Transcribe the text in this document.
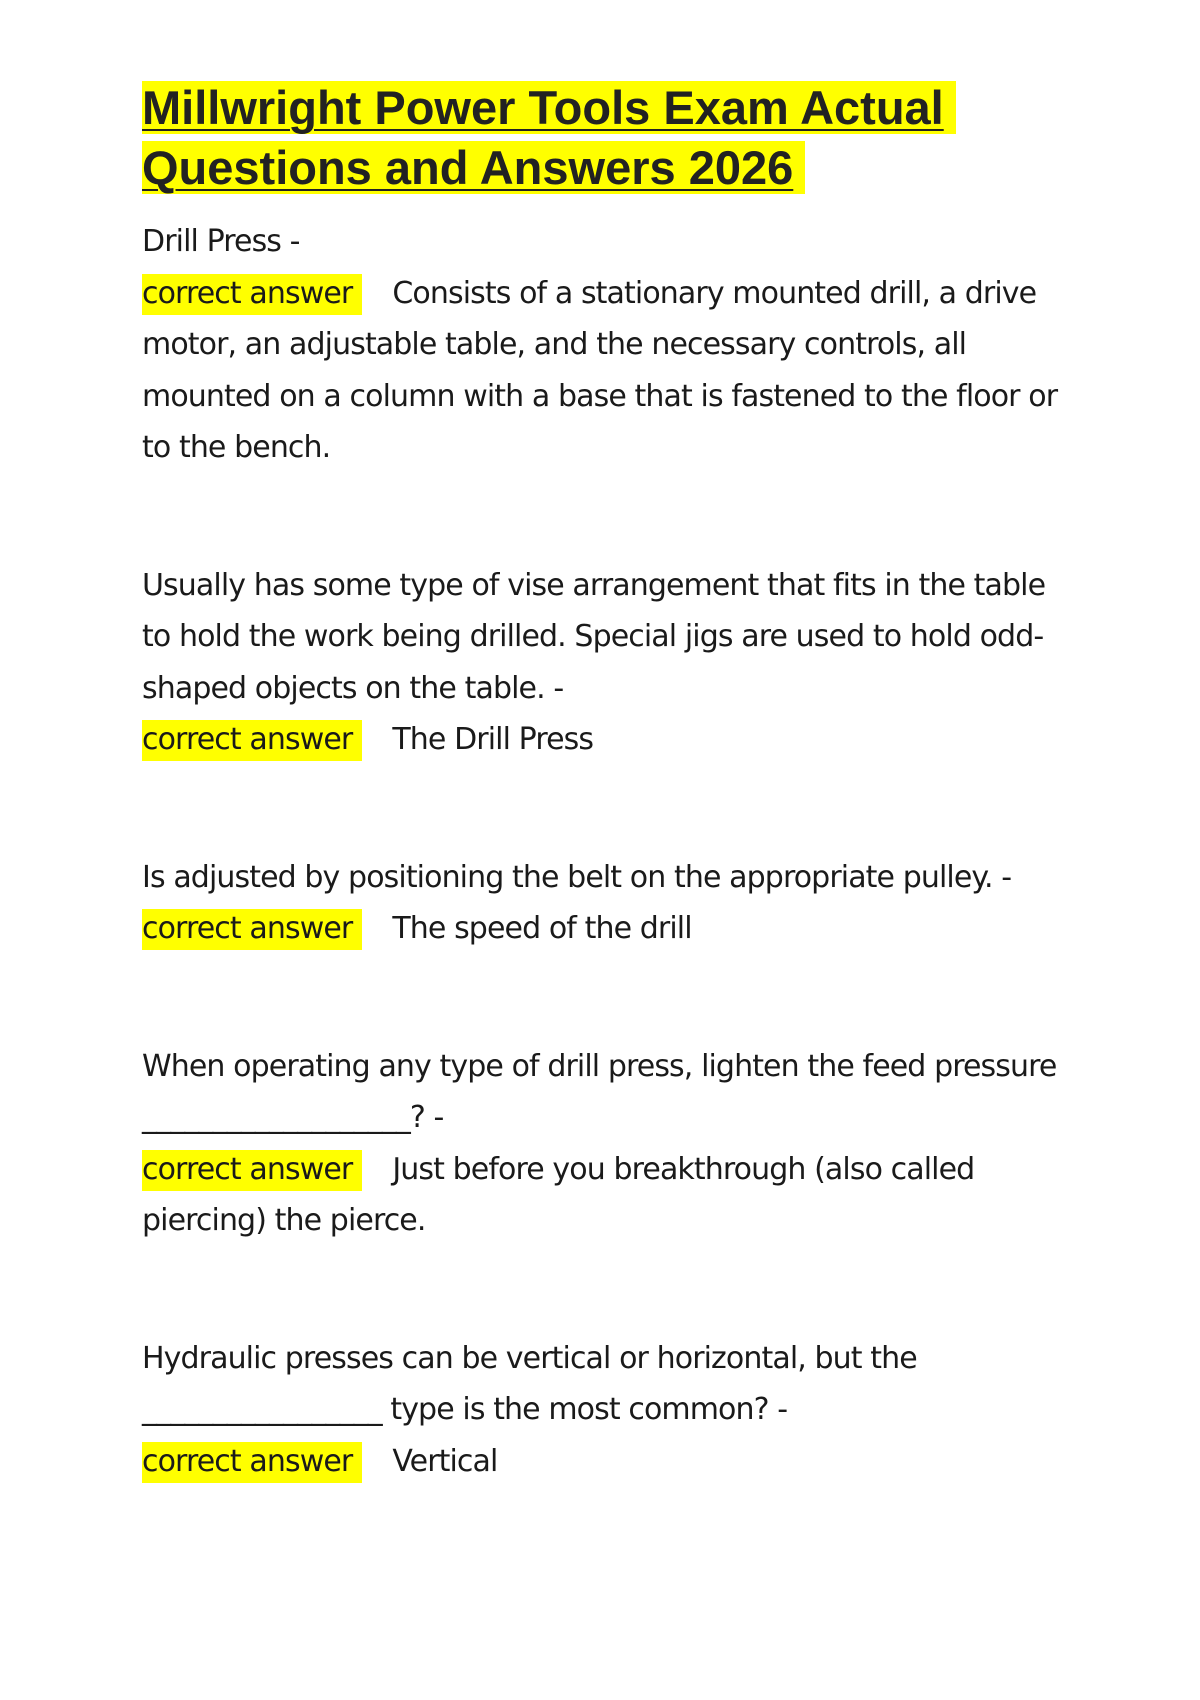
Millwright Power Tools Exam Actual
Questions and Answers 2026

Drill Press -

correct answer Consists of a stationary mounted drill, a drive motor, an adjustable table, and the necessary controls, all mounted on a column with a base that is fastened to the floor or to the bench.

Usually has some type of vise arrangement that fits in the table to hold the work being drilled. Special jigs are used to hold odd-shaped objects on the table. -

correct answer The Drill Press

Is adjusted by positioning the belt on the appropriate pulley. -

correct answer The speed of the drill

When operating any type of drill press, lighten the feed pressure ___________________? -

correct answer Just before you breakthrough (also called piercing) the pierce.

Hydraulic presses can be vertical or horizontal, but the _________________ type is the most common? -

correct answer Vertical
